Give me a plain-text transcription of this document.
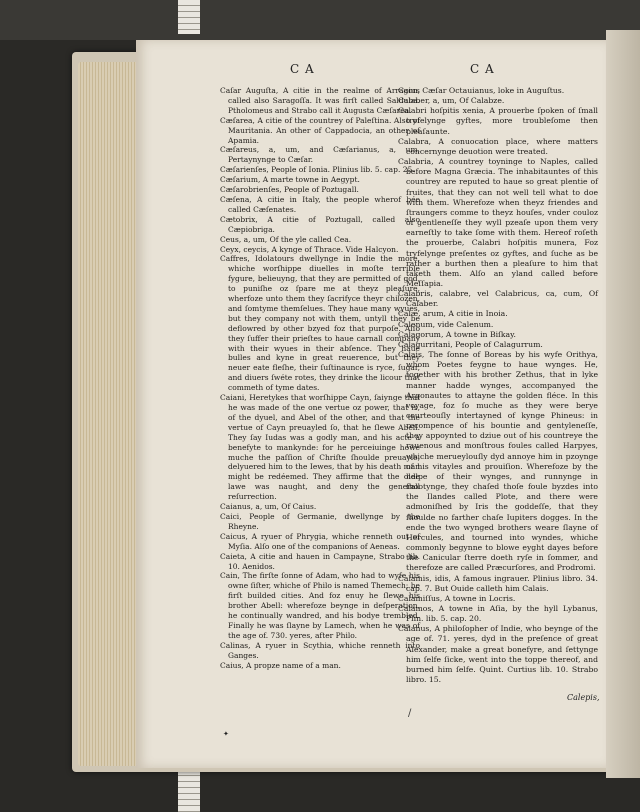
C A	C A

Caſar Auguſta, A citie in the realme of Arragon, called also Saragoſſa. It was firſt called Salduba. Ptholomeus and Strabo call it Augusta Cæſarea.

Cæſarea, A citie of the countrey of Paleſtina. Also of Mauritania. An other of Cappadocia, an other of Apamia.

Cæſareus, a, um, and Cæſarianus, a, um, Pertaynynge to Cæſar.

Cæſarienſes, People of Ionia. Plinius lib. 5. cap. 25.

Cæſarium, A marte towne in Aegypt.

Cæſarobrienſes, People of Poztugall.

Cæſena, A citie in Italy, the people wherof bée called Cæſenates.

Cætobrix, A citie of Poztugall, called also Cæpiobriga.

Ceus, a, um, Of the yle called Cea.

Ceyx, ceycis, A kynge of Thrace. Vide Halcyon.

Caffres, Idolatours dwellynge in Indie the more, whiche worſhippe diuelles in moſte terrible fygure, belieuyng, that they are permitted of god, to puniſhe oz ſpare me at theyz pleaſure, wherfoze unto them they ſacrifyce theyr chilozen, and ſomtyme themſelues. They haue many wyues, but they company not with them, untyll they be deflowred by other bzyed foz that purpoſe. Alſo they ſuffer their prieſtes to haue carnall company with their wyues in their abſence. They haue bulles and kyne in great reuerence, but they neuer eate fleſhe, their ſuſtinaunce is ryce, ſugar, and diuers ſwéte rotes, they drinke the licour that commeth of tyme dates.

Caiani, Heretykes that worſhippe Cayn, ſaiynge that he was made of the one vertue oz power, that is, of the dyuel, and Abel of the other, and that the vertue of Cayn preuayled ſo, that he ſlewe Abell. They ſay Iudas was a godly man, and his acte a benefyte to mankynde: for he perceiuinge howe muche the paſſion of Chriſte ſhoulde preuayle, delyuered him to the Iewes, that by his death man might be redéemed. They affirme that the olde lawe was naught, and deny the generall reſurrection.

Caianus, a, um, Of Caius.

Caici, People of Germanie, dwellynge by the Rheyne.

Caicus, A ryuer of Phrygia, whiche renneth out of Myſia. Alſo one of the companions of Aeneas.

Caieta, A citie and hauen in Campayne, Strabo lib. 10. Aenidos.

Cain, The firſte ſonne of Adam, who had to wyfe his owne ſiſter, whiche of Philo is named Themech; he firſt builded cities. And foz enuy he ſlewe his brother Abell: wherefoze beynge in deſperation, he continually wandred, and his bodye trembled. Finally he was ſlayne by Lamech, when he was of the age of. 730. yeres, after Philo.

Calinas, A ryuer in Scythia, whiche renneth into Ganges.

Caius, A propze name of a man.

Caius Cæſar Octauianus, loke in Auguſtus.

Calaber, a, um, Of Calabze.

Calabri hoſpitis xenia, A prouerbe ſpoken of ſmall tryfelynge gyftes, more troubleſome then pleaſaunte.

Calabra, A conuocation place, where matters concernynge deuotion were treated.

Calabria, A countrey toyninge to Naples, called before Magna Græcia. The inhabitauntes of this countrey are reputed to haue so great plentie of fruites, that they can not well tell what to doe with them. Wherefoze when theyz friendes and ſtraungers comme to theyz houſes, vnder couloz of gentleneſſe they wyll pzeaſe upon them very earneſtly to take ſome with them. Hereof roſeth the prouerbe, Calabri hoſpitis munera, Foz tryfelynge preſentes oz gyftes, and ſuche as be rather a burthen then a pleaſure to him that taketh them. Alſo an yland called before Meſſapia.

Calabris, calabre, vel Calabricus, ca, cum, Of Calaber.

Calæ, arum, A citie in Inoia.

Calenum, vide Calenum.

Calagorum, A towne in Biſkay.

Calagurritani, People of Calagurrum.

Calais, The ſonne of Boreas by his wyfe Orithya, whom Poetes feygne to haue wynges. He, together with his brother Zethus, that in lyke manner hadde wynges, accompanyed the Argonautes to attayne the golden fléce. In this voyage, foz ſo muche as they were berye courteouſly intertayned of kynge Phineus: in recompence of his bountie and gentyleneſſe, they appoynted to dziue out of his countreye the rauenous and monſtrous foules called Harpyes, whiche merueylouſly dyd annoye him in pzoynge of his vitayles and prouiſion. Wherefoze by the helpe of their wynges, and runnynge in ſhootynge, they chaſed thoſe foule byzdes into the Ilandes called Plote, and there were admoniſhed by Iris the goddeſſe, that they ſhoulde no farther chaſe Iupiters dogges. In the ende the two wynged brothers weare ſlayne of Hercules, and tourned into wyndes, whiche commonly begynne to blowe eyght dayes before the Canicular ſterre doeth ryſe in ſommer, and therefoze are called Præcurſores, and Prodromi.

Calamis, idis, A famous ingrauer. Plinius libro. 34. cap. 7. But Ouide calleth him Calais.

Calamiſſus, A towne in Locris.

Calamos, A towne in Aſia, by the hyll Lybanus, Plin. lib. 5. cap. 20.

Calanus, A philoſopher of Indie, who beynge of the age of. 71. yeres, dyd in the preſence of great Alexander, make a great bonefyre, and ſettynge him ſelfe ſicke, went into the toppe thereof, and burned him ſelfe. Quint. Curtius lib. 10. Strabo libro. 15.

Calepis,
✦
/
